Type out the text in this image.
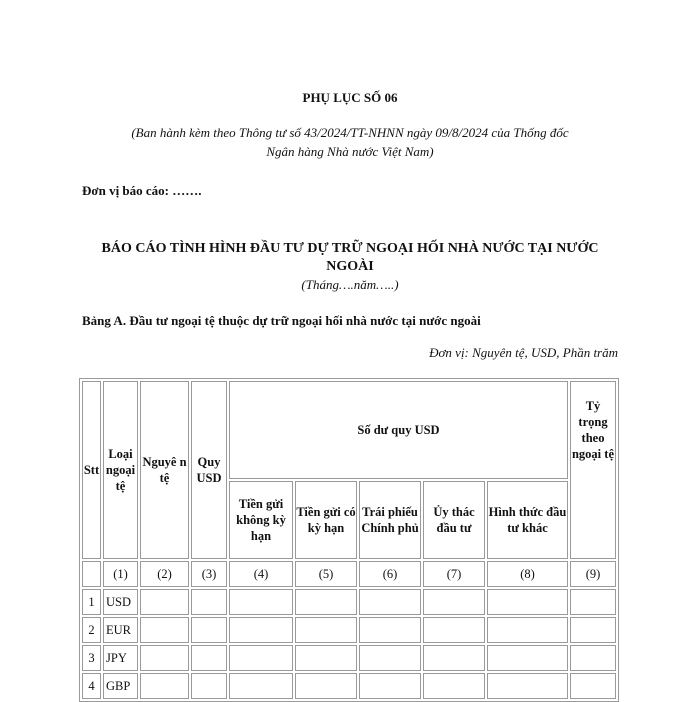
PHỤ LỤC SỐ 06
(Ban hành kèm theo Thông tư số 43/2024/TT-NHNN ngày 09/8/2024 của Thống đốc
Ngân hàng Nhà nước Việt Nam)
Đơn vị báo cáo: …….
BÁO CÁO TÌNH HÌNH ĐẦU TƯ DỰ TRỮ NGOẠI HỐI NHÀ NƯỚC TẠI NƯỚC
NGOÀI
(Tháng….năm…..)
Bảng A. Đầu tư ngoại tệ thuộc dự trữ ngoại hối nhà nước tại nước ngoài
Đơn vị: Nguyên tệ, USD, Phần trăm
Stt	Loại ngoại tệ	Nguyê n tệ	Quy USD	Số dư quy USD					Tỷ trọng theo ngoại tệ

				Tiền gửi không kỳ hạn	Tiền gửi có kỳ hạn	Trái phiếu Chính phủ	Ủy thác đầu tư	Hình thức đầu tư khác	
	(1)	(2)	(3)	(4)	(5)	(6)	(7)	(8)	(9)
1	USD								
2	EUR								
3	JPY								
4	GBP								
